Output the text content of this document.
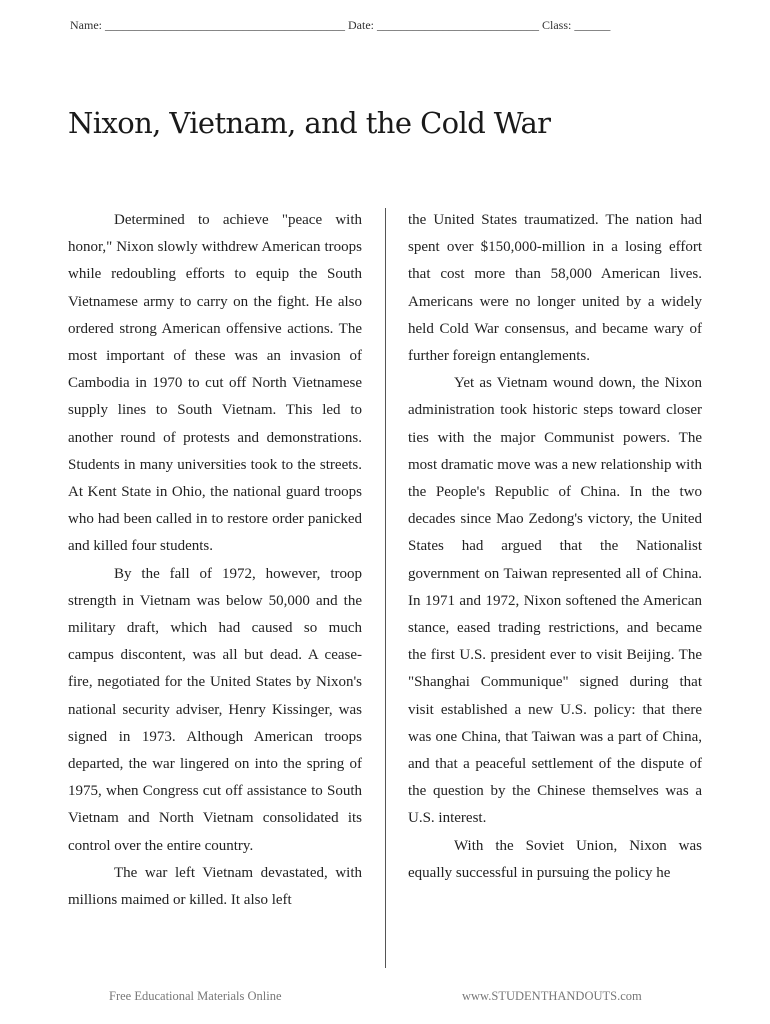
Name: ________________________________________ Date: ___________________________ Class: ______
Nixon, Vietnam, and the Cold War

Determined to achieve "peace with honor," Nixon slowly withdrew American troops while redoubling efforts to equip the South Vietnamese army to carry on the fight. He also ordered strong American offensive actions. The most important of these was an invasion of Cambodia in 1970 to cut off North Vietnamese supply lines to South Vietnam. This led to another round of protests and demonstrations. Students in many universities took to the streets. At Kent State in Ohio, the national guard troops who had been called in to restore order panicked and killed four students.

By the fall of 1972, however, troop strength in Vietnam was below 50,000 and the military draft, which had caused so much campus discontent, was all but dead. A cease-fire, negotiated for the United States by Nixon's national security adviser, Henry Kissinger, was signed in 1973. Although American troops departed, the war lingered on into the spring of 1975, when Congress cut off assistance to South Vietnam and North Vietnam consolidated its control over the entire country.

The war left Vietnam devastated, with millions maimed or killed. It also left

the United States traumatized. The nation had spent over $150,000-million in a losing effort that cost more than 58,000 American lives. Americans were no longer united by a widely held Cold War consensus, and became wary of further foreign entanglements.

Yet as Vietnam wound down, the Nixon administration took historic steps toward closer ties with the major Communist powers. The most dramatic move was a new relationship with the People's Republic of China. In the two decades since Mao Zedong's victory, the United States had argued that the Nationalist government on Taiwan represented all of China. In 1971 and 1972, Nixon softened the American stance, eased trading restrictions, and became the first U.S. president ever to visit Beijing. The "Shanghai Communique" signed during that visit established a new U.S. policy: that there was one China, that Taiwan was a part of China, and that a peaceful settlement of the dispute of the question by the Chinese themselves was a U.S. interest.

With the Soviet Union, Nixon was equally successful in pursuing the policy he

Free Educational Materials Online	www.STUDENTHANDOUTS.com
